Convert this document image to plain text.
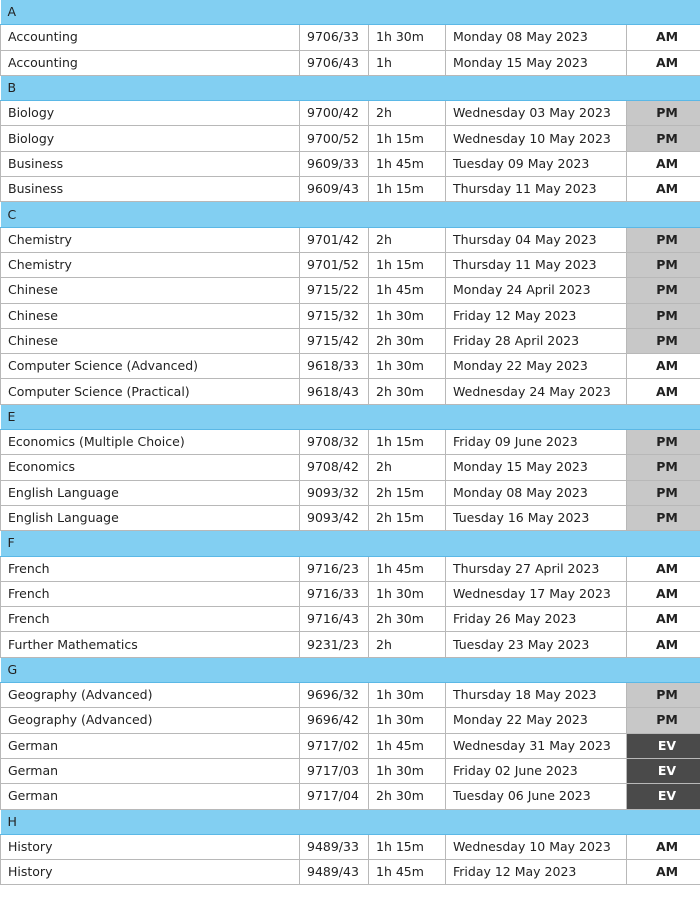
A				
Accounting	9706/33	1h 30m	Monday 08 May 2023	AM
Accounting	9706/43	1h	Monday 15 May 2023	AM
B				
Biology	9700/42	2h	Wednesday 03 May 2023	PM
Biology	9700/52	1h 15m	Wednesday 10 May 2023	PM
Business	9609/33	1h 45m	Tuesday 09 May 2023	AM
Business	9609/43	1h 15m	Thursday 11 May 2023	AM
C				
Chemistry	9701/42	2h	Thursday 04 May 2023	PM
Chemistry	9701/52	1h 15m	Thursday 11 May 2023	PM
Chinese	9715/22	1h 45m	Monday 24 April 2023	PM
Chinese	9715/32	1h 30m	Friday 12 May 2023	PM
Chinese	9715/42	2h 30m	Friday 28 April 2023	PM
Computer Science (Advanced)	9618/33	1h 30m	Monday 22 May 2023	AM
Computer Science (Practical)	9618/43	2h 30m	Wednesday 24 May 2023	AM
E				
Economics (Multiple Choice)	9708/32	1h 15m	Friday 09 June 2023	PM
Economics	9708/42	2h	Monday 15 May 2023	PM
English Language	9093/32	2h 15m	Monday 08 May 2023	PM
English Language	9093/42	2h 15m	Tuesday 16 May 2023	PM
F				
French	9716/23	1h 45m	Thursday 27 April 2023	AM
French	9716/33	1h 30m	Wednesday 17 May 2023	AM
French	9716/43	2h 30m	Friday 26 May 2023	AM
Further Mathematics	9231/23	2h	Tuesday 23 May 2023	AM
G				
Geography (Advanced)	9696/32	1h 30m	Thursday 18 May 2023	PM
Geography (Advanced)	9696/42	1h 30m	Monday 22 May 2023	PM
German	9717/02	1h 45m	Wednesday 31 May 2023	EV
German	9717/03	1h 30m	Friday 02 June 2023	EV
German	9717/04	2h 30m	Tuesday 06 June 2023	EV
H				
History	9489/33	1h 15m	Wednesday 10 May 2023	AM
History	9489/43	1h 45m	Friday 12 May 2023	AM
